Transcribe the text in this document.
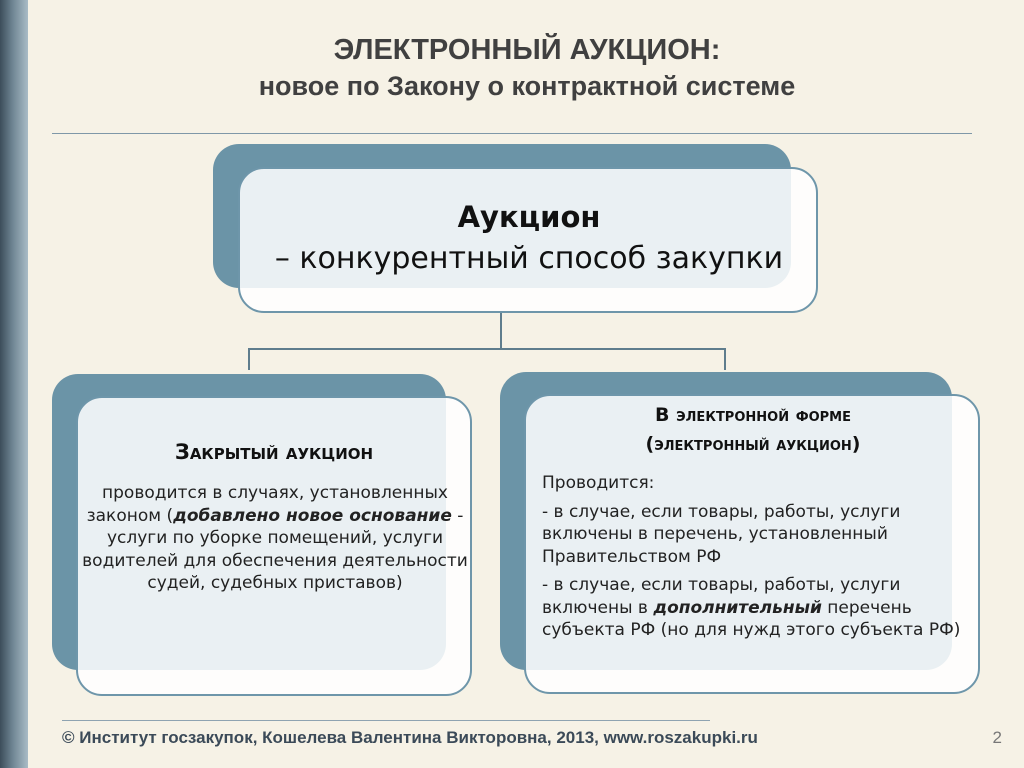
ЭЛЕКТРОННЫЙ АУКЦИОН:
новое по Закону о контрактной системе
Аукцион
– конкурентный способ закупки
Закрытый аукцион
проводится в случаях, установленных законом (добавлено новое основание - услуги по уборке помещений, услуги водителей для обеспечения деятельности судей, судебных приставов)
В электронной форме
(электронный аукцион)

Проводится:

- в случае, если товары, работы, услуги включены в перечень, установленный Правительством РФ

- в случае, если товары, работы, услуги включены в дополнительный перечень субъекта РФ (но для нужд этого субъекта РФ)

© Институт госзакупок, Кошелева Валентина Викторовна, 2013, www.roszakupki.ru	2
